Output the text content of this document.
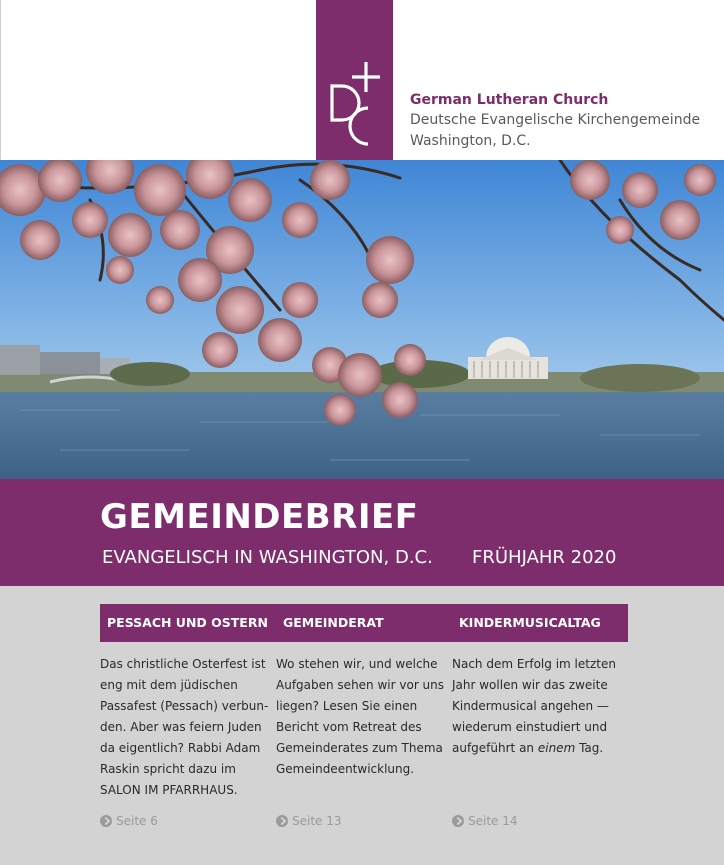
German Lutheran Church
Deutsche Evangelische Kirchengemeinde
Washington, D.C.
GEMEINDEBRIEF
EVANGELISCH IN WASHINGTON, D.C. FRÜHJAHR 2020
PESSACH UND OSTERN
Das christliche Osterfest ist
eng mit dem jüdischen
Passafest (Pessach) verbun-
den. Aber was feiern Juden
da eigentlich? Rabbi Adam
Raskin spricht dazu im
SALON IM PFARRHAUS.
Seite 6
GEMEINDERAT
Wo stehen wir, und welche
Aufgaben sehen wir vor uns
liegen? Lesen Sie einen
Bericht vom Retreat des
Gemeinderates zum Thema
Gemeindeentwicklung.
Seite 13
KINDERMUSICALTAG
Nach dem Erfolg im letzten
Jahr wollen wir das zweite
Kindermusical angehen —
wiederum einstudiert und
aufgeführt an einem Tag.
Seite 14
